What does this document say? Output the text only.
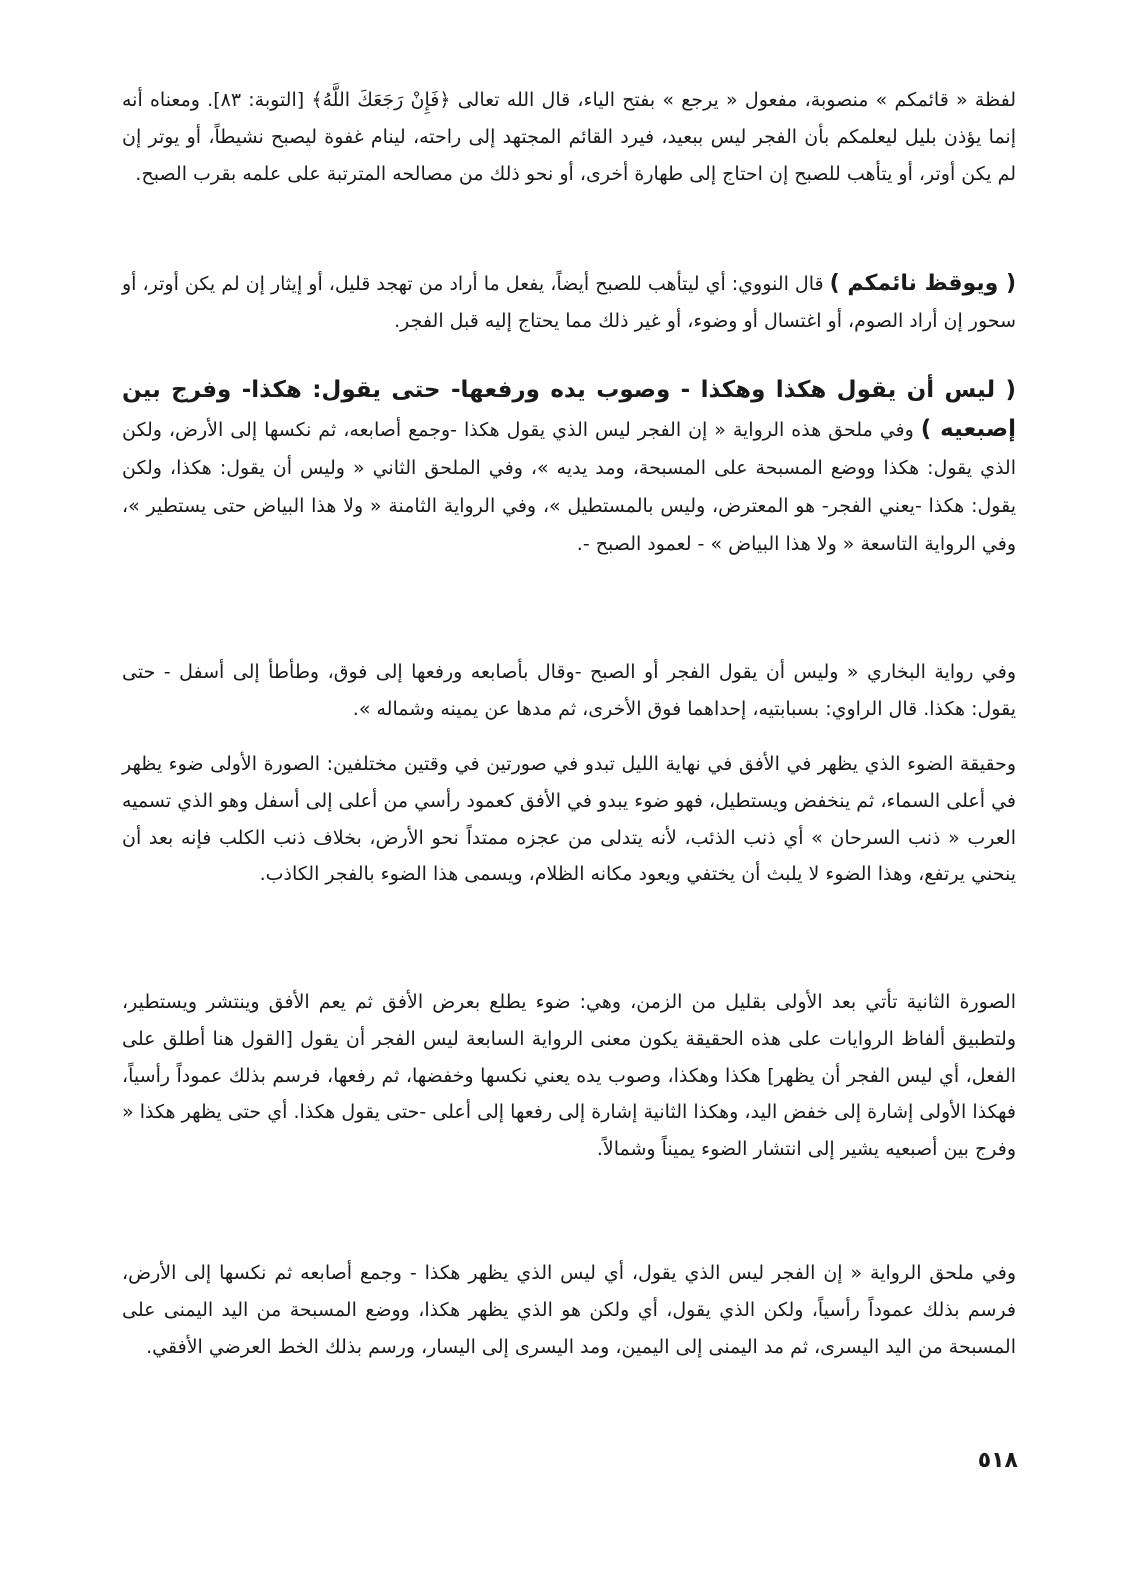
لفظة « قائمكم » منصوبة، مفعول « يرجع » بفتح الياء، قال الله تعالى ﴿فَإِنْ رَجَعَكَ اللَّهُ﴾ [التوبة: ٨٣]. ومعناه أنه إنما يؤذن بليل ليعلمكم بأن الفجر ليس ببعيد، فيرد القائم المجتهد إلى راحته، لينام غفوة ليصبح نشيطاً، أو يوتر إن لم يكن أوتر، أو يتأهب للصبح إن احتاج إلى طهارة أخرى، أو نحو ذلك من مصالحه المترتبة على علمه بقرب الصبح.

( ويوقظ نائمكم ) قال النووي: أي ليتأهب للصبح أيضاً، يفعل ما أراد من تهجد قليل، أو إيثار إن لم يكن أوتر، أو سحور إن أراد الصوم، أو اغتسال أو وضوء، أو غير ذلك مما يحتاج إليه قبل الفجر.

( ليس أن يقول هكذا وهكذا - وصوب يده ورفعها- حتى يقول: هكذا- وفرج بين إصبعيه ) وفي ملحق هذه الرواية « إن الفجر ليس الذي يقول هكذا -وجمع أصابعه، ثم نكسها إلى الأرض، ولكن الذي يقول: هكذا ووضع المسبحة على المسبحة، ومد يديه »، وفي الملحق الثاني « وليس أن يقول: هكذا، ولكن يقول: هكذا -يعني الفجر- هو المعترض، وليس بالمستطيل »، وفي الرواية الثامنة « ولا هذا البياض حتى يستطير »، وفي الرواية التاسعة « ولا هذا البياض » - لعمود الصبح -.

وفي رواية البخاري « وليس أن يقول الفجر أو الصبح -وقال بأصابعه ورفعها إلى فوق، وطأطأ إلى أسفل - حتى يقول: هكذا. قال الراوي: بسبابتيه، إحداهما فوق الأخرى، ثم مدها عن يمينه وشماله ».

وحقيقة الضوء الذي يظهر في الأفق في نهاية الليل تبدو في صورتين في وقتين مختلفين: الصورة الأولى ضوء يظهر في أعلى السماء، ثم ينخفض ويستطيل، فهو ضوء يبدو في الأفق كعمود رأسي من أعلى إلى أسفل وهو الذي تسميه العرب « ذنب السرحان » أي ذنب الذئب، لأنه يتدلى من عجزه ممتداً نحو الأرض، بخلاف ذنب الكلب فإنه بعد أن ينحني يرتفع، وهذا الضوء لا يلبث أن يختفي ويعود مكانه الظلام، ويسمى هذا الضوء بالفجر الكاذب.

الصورة الثانية تأتي بعد الأولى بقليل من الزمن، وهي: ضوء يطلع بعرض الأفق ثم يعم الأفق وينتشر ويستطير، ولتطبيق ألفاظ الروايات على هذه الحقيقة يكون معنى الرواية السابعة ليس الفجر أن يقول [القول هنا أطلق على الفعل، أي ليس الفجر أن يظهر] هكذا وهكذا، وصوب يده يعني نكسها وخفضها، ثم رفعها، فرسم بذلك عموداً رأسياً، فهكذا الأولى إشارة إلى خفض اليد، وهكذا الثانية إشارة إلى رفعها إلى أعلى -حتى يقول هكذا. أي حتى يظهر هكذا « وفرج بين أصبعيه يشير إلى انتشار الضوء يميناً وشمالاً.

وفي ملحق الرواية « إن الفجر ليس الذي يقول، أي ليس الذي يظهر هكذا - وجمع أصابعه ثم نكسها إلى الأرض، فرسم بذلك عموداً رأسياً، ولكن الذي يقول، أي ولكن هو الذي يظهر هكذا، ووضع المسبحة من اليد اليمنى على المسبحة من اليد اليسرى، ثم مد اليمنى إلى اليمين، ومد اليسرى إلى اليسار، ورسم بذلك الخط العرضي الأفقي.

٥١٨
